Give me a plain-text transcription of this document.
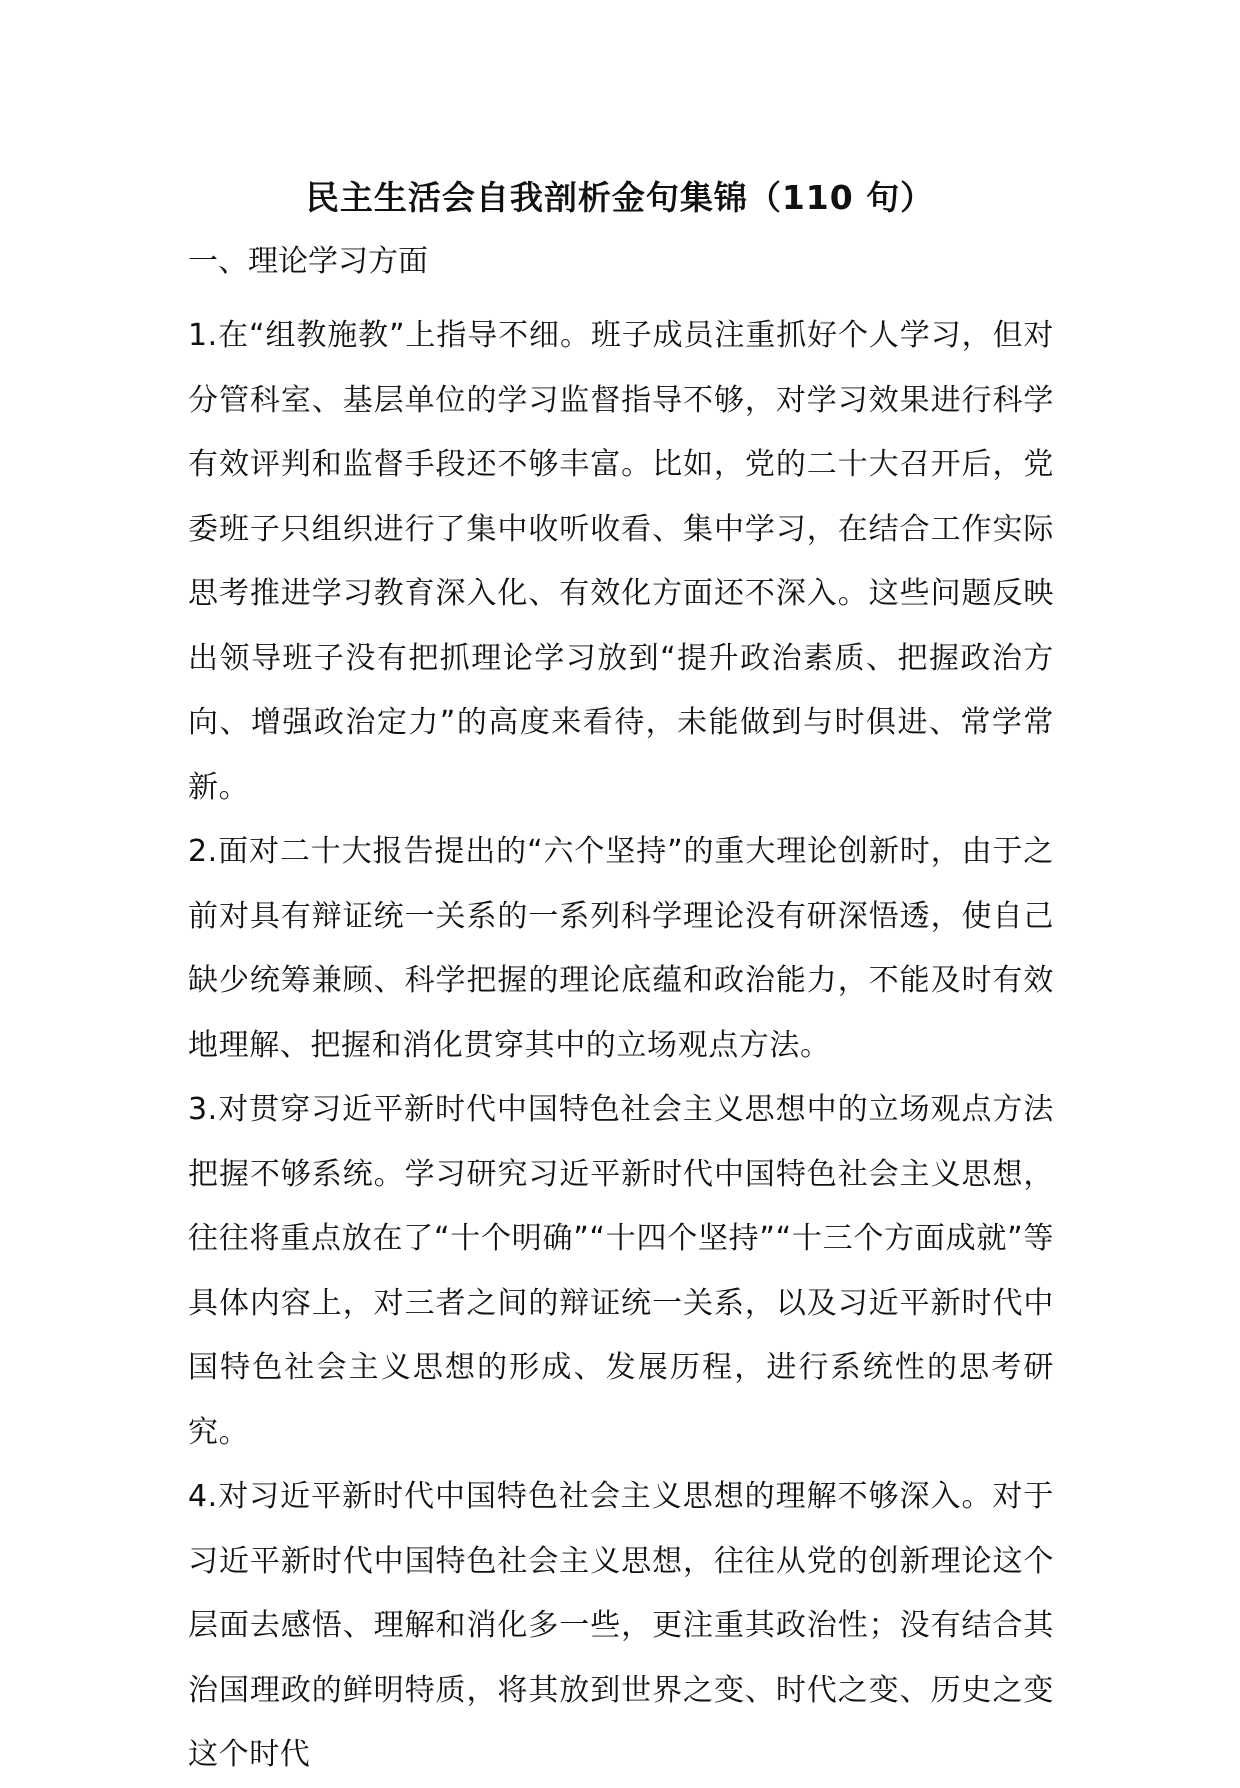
民主生活会自我剖析金句集锦（110 句）
一、理论学习方面

1.在“组教施教”上指导不细。班子成员注重抓好个人学习，但对分管科室、基层单位的学习监督指导不够，对学习效果进行科学有效评判和监督手段还不够丰富。比如，党的二十大召开后，党委班子只组织进行了集中收听收看、集中学习，在结合工作实际思考推进学习教育深入化、有效化方面还不深入。这些问题反映出领导班子没有把抓理论学习放到“提升政治素质、把握政治方向、增强政治定力”的高度来看待，未能做到与时俱进、常学常新。

2.面对二十大报告提出的“六个坚持”的重大理论创新时，由于之前对具有辩证统一关系的一系列科学理论没有研深悟透，使自己缺少统筹兼顾、科学把握的理论底蕴和政治能力，不能及时有效地理解、把握和消化贯穿其中的立场观点方法。

3.对贯穿习近平新时代中国特色社会主义思想中的立场观点方法把握不够系统。学习研究习近平新时代中国特色社会主义思想，往往将重点放在了“十个明确”“十四个坚持”“十三个方面成就”等具体内容上，对三者之间的辩证统一关系，以及习近平新时代中国特色社会主义思想的形成、发展历程，进行系统性的思考研究。

4.对习近平新时代中国特色社会主义思想的理解不够深入。对于习近平新时代中国特色社会主义思想，往往从党的创新理论这个层面去感悟、理解和消化多一些，更注重其政治性；没有结合其治国理政的鲜明特质，将其放到世界之变、时代之变、历史之变这个时代
